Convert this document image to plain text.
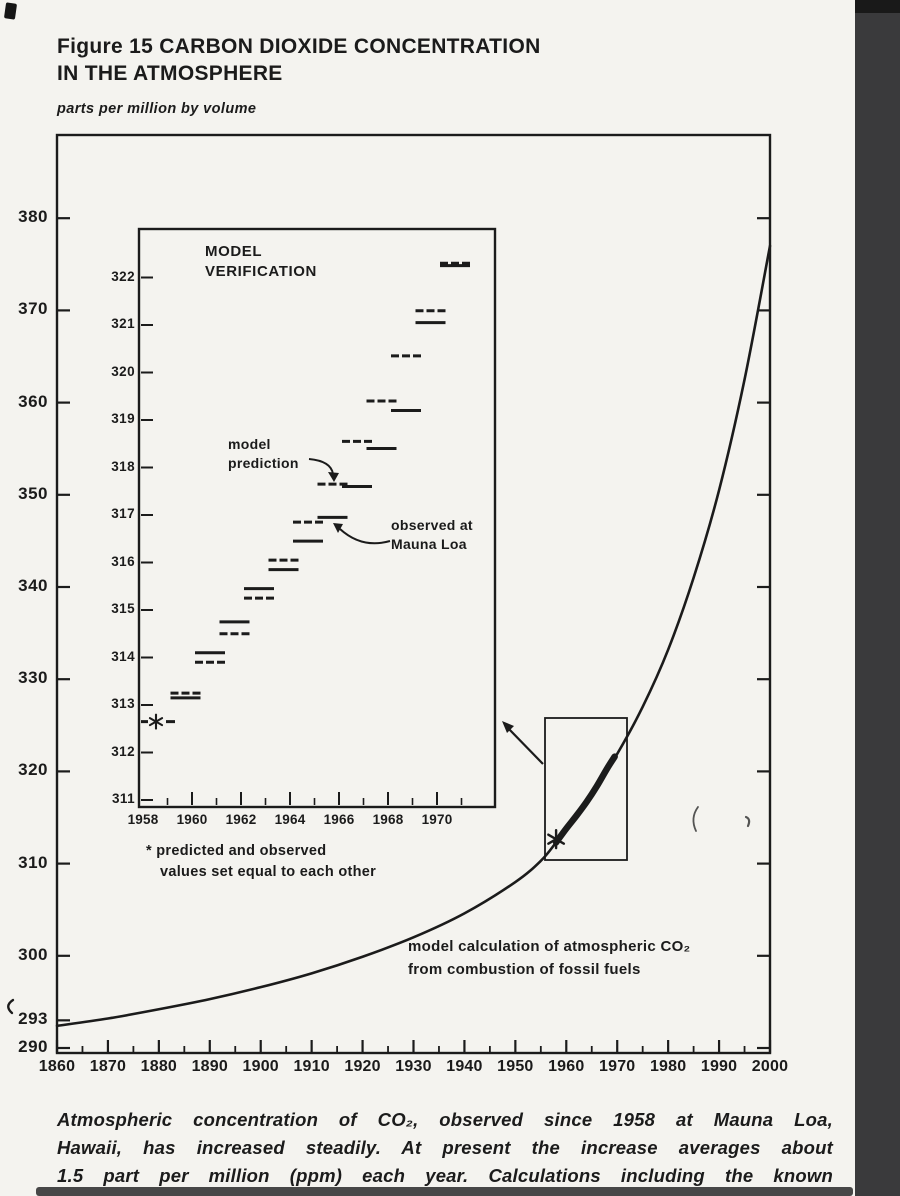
Figure 15 CARBON DIOXIDE CONCENTRATION
IN THE ATMOSPHERE
parts per million by volume
MODEL
VERIFICATION
model
prediction
observed at
Mauna Loa
* predicted and observed
values set equal to each other
model calculation of atmospheric CO₂
from combustion of fossil fuels
Atmospheric concentration of CO₂, observed since 1958 at Mauna Loa,
Hawaii, has increased steadily. At present the increase averages about
1.5 part per million (ppm) each year. Calculations including the known
380
370
360
350
340
330
320
310
300
293
290
1860 1870 1880 1890 1900 1910 1920 1930 1940 1950 1960 1970 1980 1990 2000
322
321
320
319
318
317
316
315
314
313
312
311
1958	1960	1962	1964	1966	1968	1970
